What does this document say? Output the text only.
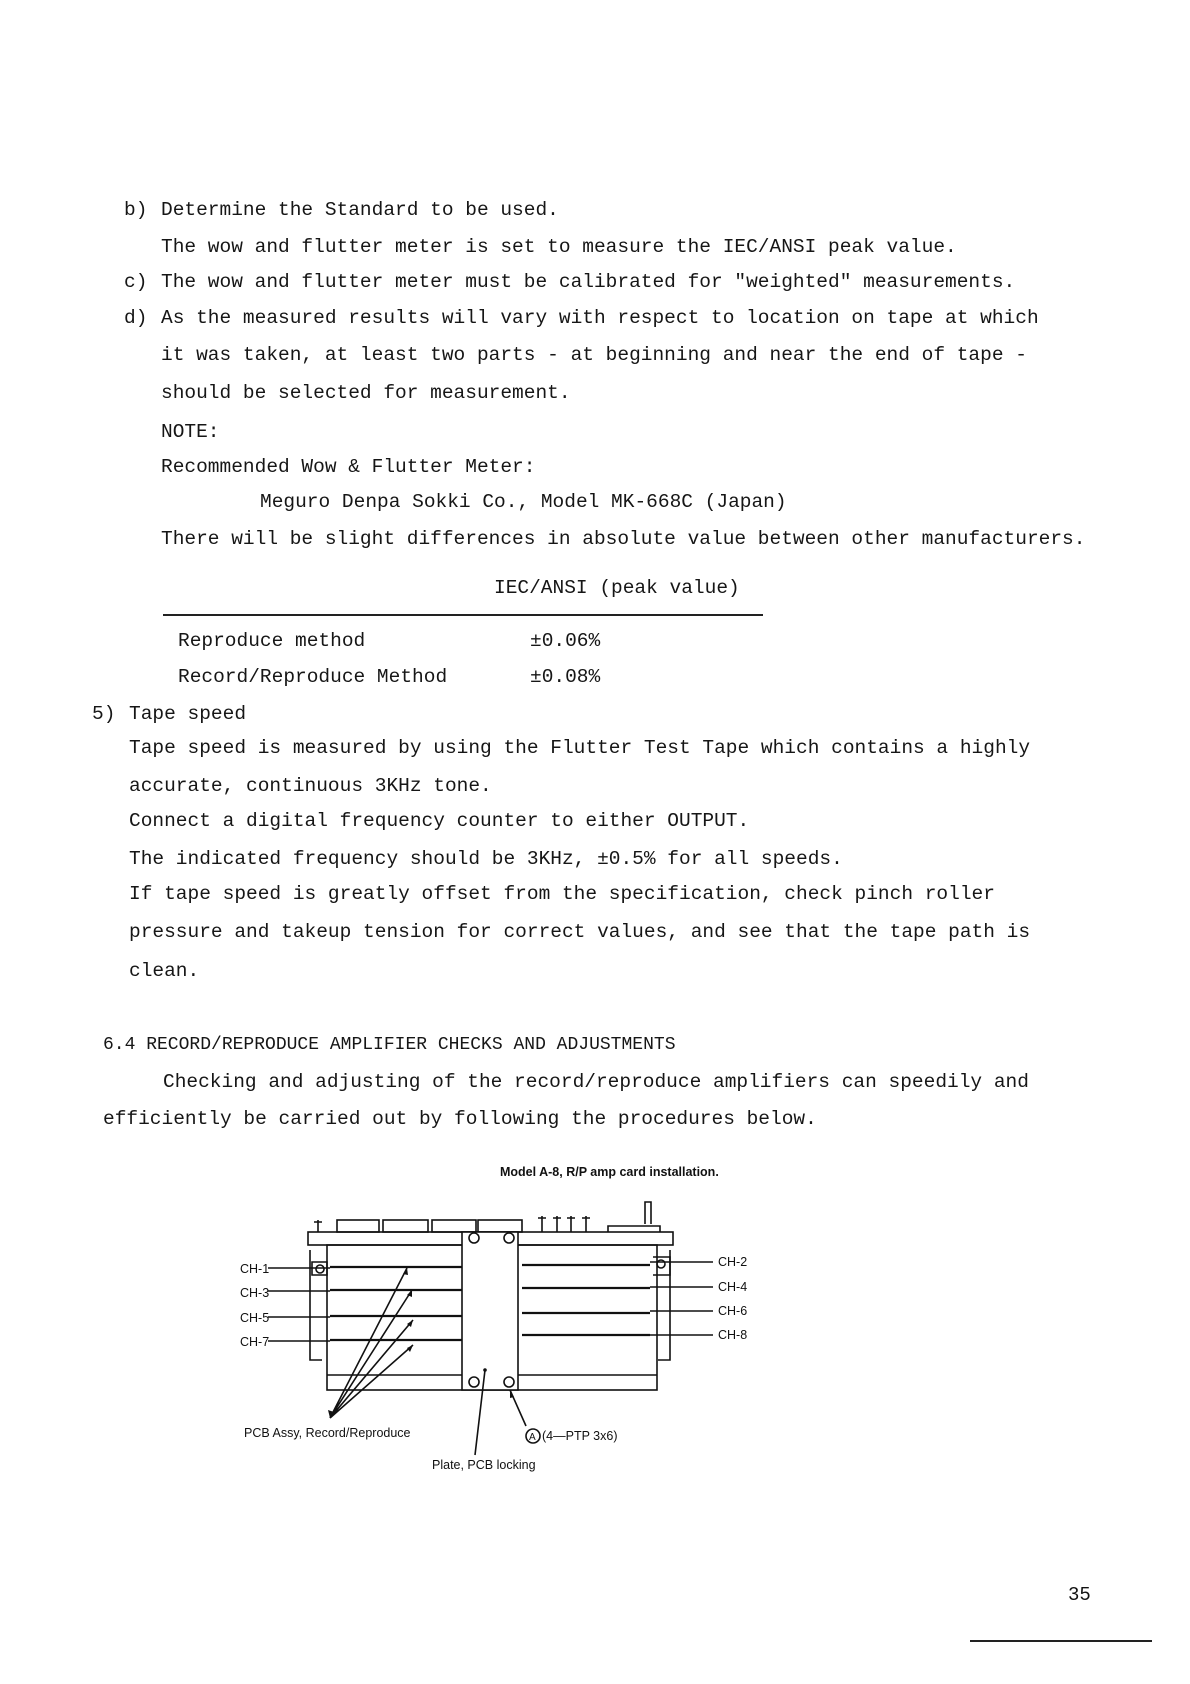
b) Determine the Standard to be used.
The wow and flutter meter is set to measure the IEC/ANSI peak value.
c) The wow and flutter meter must be calibrated for "weighted" measurements.
d) As the measured results will vary with respect to location on tape at which
it was taken, at least two parts - at beginning and near the end of tape -
should be selected for measurement.
NOTE:
Recommended Wow & Flutter Meter:
Meguro Denpa Sokki Co., Model MK-668C (Japan)
There will be slight differences in absolute value between other manufacturers.
IEC/ANSI (peak value)
Reproduce method	±0.06%
Record/Reproduce Method	±0.08%
5) Tape speed
Tape speed is measured by using the Flutter Test Tape which contains a highly
accurate, continuous 3KHz tone.
Connect a digital frequency counter to either OUTPUT.
The indicated frequency should be 3KHz, ±0.5% for all speeds.
If tape speed is greatly offset from the specification, check pinch roller
pressure and takeup tension for correct values, and see that the tape path is
clean.
6.4 RECORD/REPRODUCE AMPLIFIER CHECKS AND ADJUSTMENTS
Checking and adjusting of the record/reproduce amplifiers can speedily and
efficiently be carried out by following the procedures below.
Model A-8, R/P amp card installation.
CH-1
CH-3
CH-5
CH-7
CH-2
CH-4
CH-6
CH-8
PCB Assy, Record/Reproduce	A (4—PTP 3x6)
Plate, PCB locking
35
